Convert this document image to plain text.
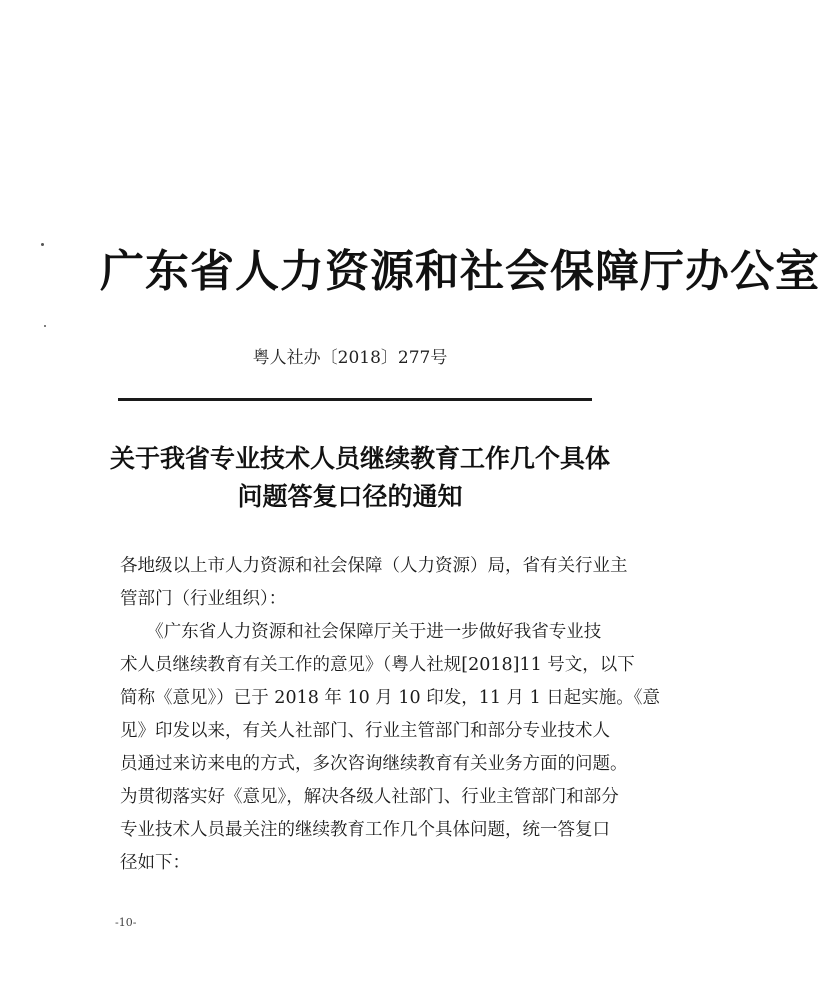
广东省人力资源和社会保障厅办公室
粤人社办〔2018〕277号
关于我省专业技术人员继续教育工作几个具体
问题答复口径的通知

各地级以上市人力资源和社会保障（人力资源）局，省有关行业主
管部门（行业组织）：

　　《广东省人力资源和社会保障厅关于进一步做好我省专业技
术人员继续教育有关工作的意见》（粤人社规[2018]11 号文，以下
简称《意见》）已于 2018 年 10 月 10 印发，11 月 1 日起实施。《意
见》印发以来，有关人社部门、行业主管部门和部分专业技术人
员通过来访来电的方式，多次咨询继续教育有关业务方面的问题。
为贯彻落实好《意见》，解决各级人社部门、行业主管部门和部分
专业技术人员最关注的继续教育工作几个具体问题，统一答复口
径如下：

-10-
